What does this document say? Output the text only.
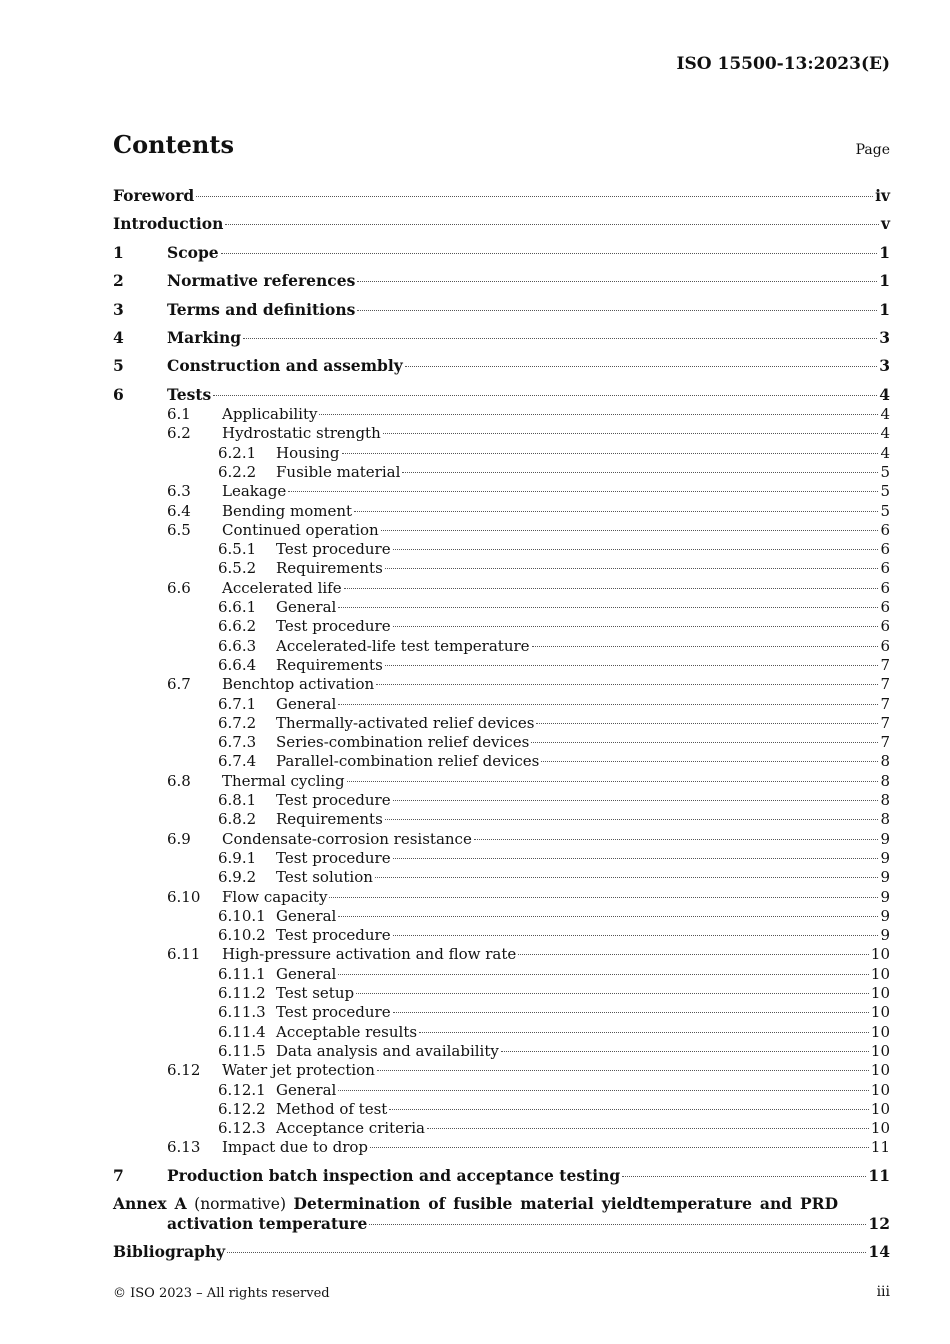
ISO 15500-13:2023(E)
Contents	Page
Foreword	iv
Introduction	v
1	Scope	1
2	Normative references	1
3	Terms and definitions	1
4	Marking	3
5	Construction and assembly	3
6	Tests	4
6.1	Applicability	4
6.2	Hydrostatic strength	4
6.2.1	Housing	4
6.2.2	Fusible material	5
6.3	Leakage	5
6.4	Bending moment	5
6.5	Continued operation	6
6.5.1	Test procedure	6
6.5.2	Requirements	6
6.6	Accelerated life	6
6.6.1	General	6
6.6.2	Test procedure	6
6.6.3	Accelerated-life test temperature	6
6.6.4	Requirements	7
6.7	Benchtop activation	7
6.7.1	General	7
6.7.2	Thermally-activated relief devices	7
6.7.3	Series-combination relief devices	7
6.7.4	Parallel-combination relief devices	8
6.8	Thermal cycling	8
6.8.1	Test procedure	8
6.8.2	Requirements	8
6.9	Condensate-corrosion resistance	9
6.9.1	Test procedure	9
6.9.2	Test solution	9
6.10	Flow capacity	9
6.10.1 General	9
6.10.2 Test procedure	9
6.11	High-pressure activation and flow rate	10
6.11.1 General	10
6.11.2 Test setup	10
6.11.3 Test procedure	10
6.11.4 Acceptable results	10
6.11.5 Data analysis and availability	10
6.12	Water jet protection	10
6.12.1 General	10
6.12.2 Method of test	10
6.12.3 Acceptance criteria	10
6.13	Impact due to drop	11
7	Production batch inspection and acceptance testing	11
Annex A (normative) Determination of fusible material yieldtemperature and PRD
activation temperature	12
Bibliography	14
© ISO 2023 – All rights reserved	iii
